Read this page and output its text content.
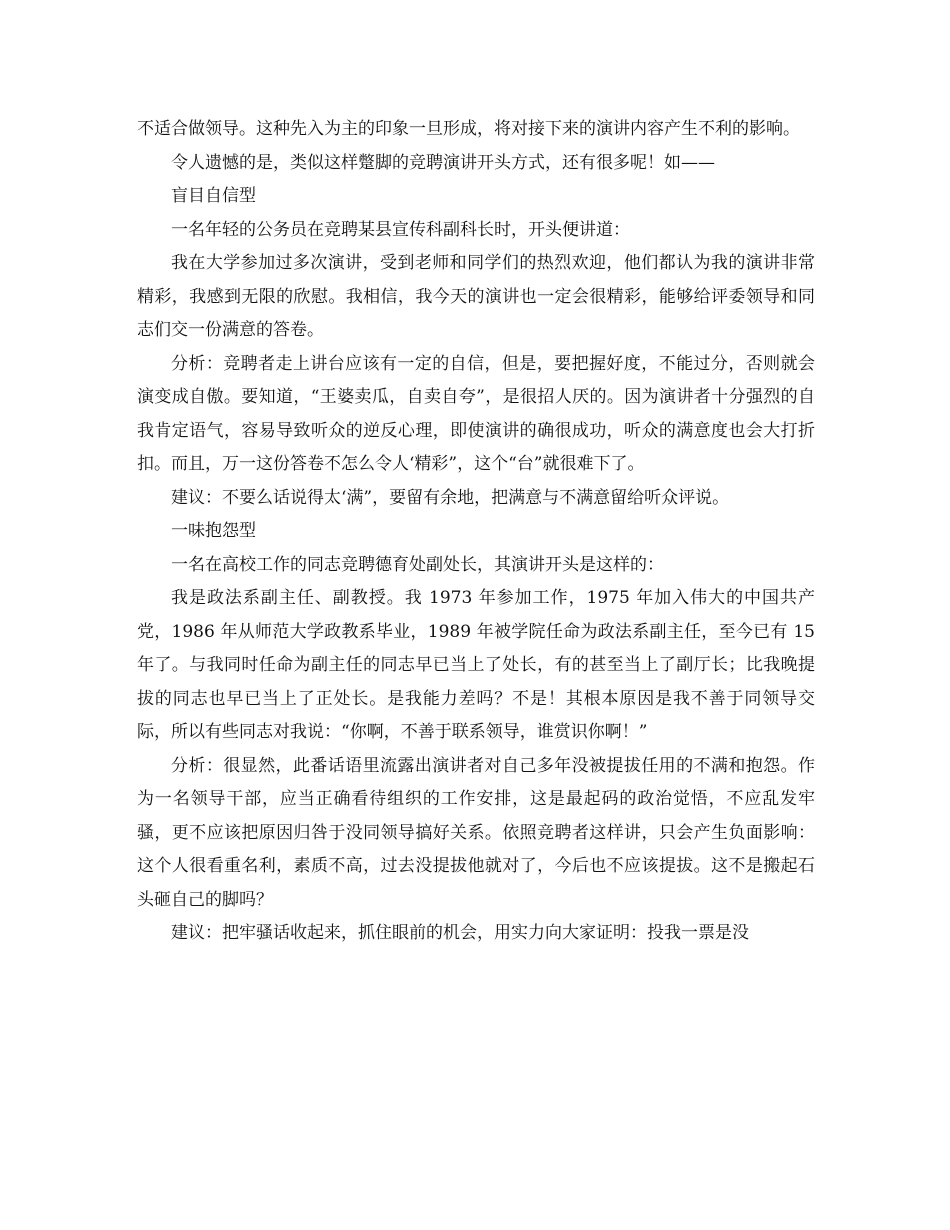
不适合做领导。这种先入为主的印象一旦形成，将对接下来的演讲内容产生不利的影响。

令人遗憾的是，类似这样蹩脚的竞聘演讲开头方式，还有很多呢！如——

盲目自信型

一名年轻的公务员在竞聘某县宣传科副科长时，开头便讲道：

我在大学参加过多次演讲，受到老师和同学们的热烈欢迎，他们都认为我的演讲非常精彩，我感到无限的欣慰。我相信，我今天的演讲也一定会很精彩，能够给评委领导和同志们交一份满意的答卷。

分析：竞聘者走上讲台应该有一定的自信，但是，要把握好度，不能过分，否则就会演变成自傲。要知道，“王婆卖瓜，自卖自夸”，是很招人厌的。因为演讲者十分强烈的自我肯定语气，容易导致听众的逆反心理，即使演讲的确很成功，听众的满意度也会大打折扣。而且，万一这份答卷不怎么令人‘精彩”，这个“台”就很难下了。

建议：不要么话说得太‘满”，要留有余地，把满意与不满意留给听众评说。

一味抱怨型

一名在高校工作的同志竞聘德育处副处长，其演讲开头是这样的：

我是政法系副主任、副教授。我 1973 年参加工作，1975 年加入伟大的中国共产党，1986 年从师范大学政教系毕业，1989 年被学院任命为政法系副主任，至今已有 15 年了。与我同时任命为副主任的同志早已当上了处长，有的甚至当上了副厅长；比我晚提拔的同志也早已当上了正处长。是我能力差吗？不是！其根本原因是我不善于同领导交际，所以有些同志对我说：“你啊，不善于联系领导，谁赏识你啊！”

分析：很显然，此番话语里流露出演讲者对自己多年没被提拔任用的不满和抱怨。作为一名领导干部，应当正确看待组织的工作安排，这是最起码的政治觉悟，不应乱发牢骚，更不应该把原因归咎于没同领导搞好关系。依照竞聘者这样讲，只会产生负面影响：这个人很看重名利，素质不高，过去没提拔他就对了，今后也不应该提拔。这不是搬起石头砸自己的脚吗？

建议：把牢骚话收起来，抓住眼前的机会，用实力向大家证明：投我一票是没
